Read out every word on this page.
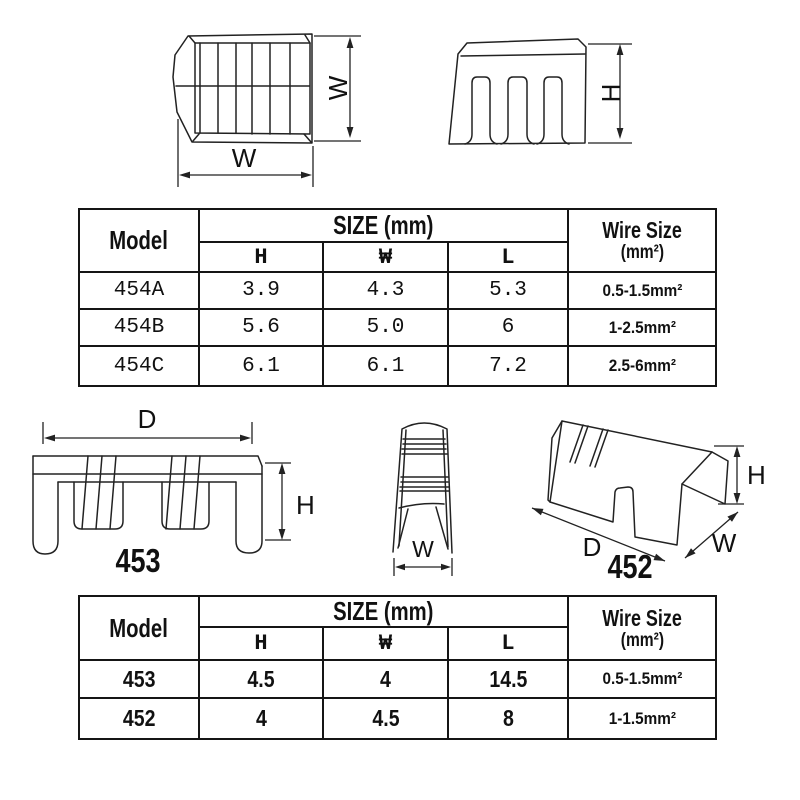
W
W
H
D
H
453	W	D	W
H
452
Model	SIZE (mm)	Wire Size
(mm²)
H	₩	L
454A	3.9	4.3	5.3	0.5-1.5mm²
454B	5.6	5.0	6	1-2.5mm²
454C	6.1	6.1	7.2	2.5-6mm²
Model
SIZE (mm)	Wire Size
(mm²)
H	₩	L
453	4.5	4	14.5	0.5-1.5mm²
452	4	4.5	8	1-1.5mm²
